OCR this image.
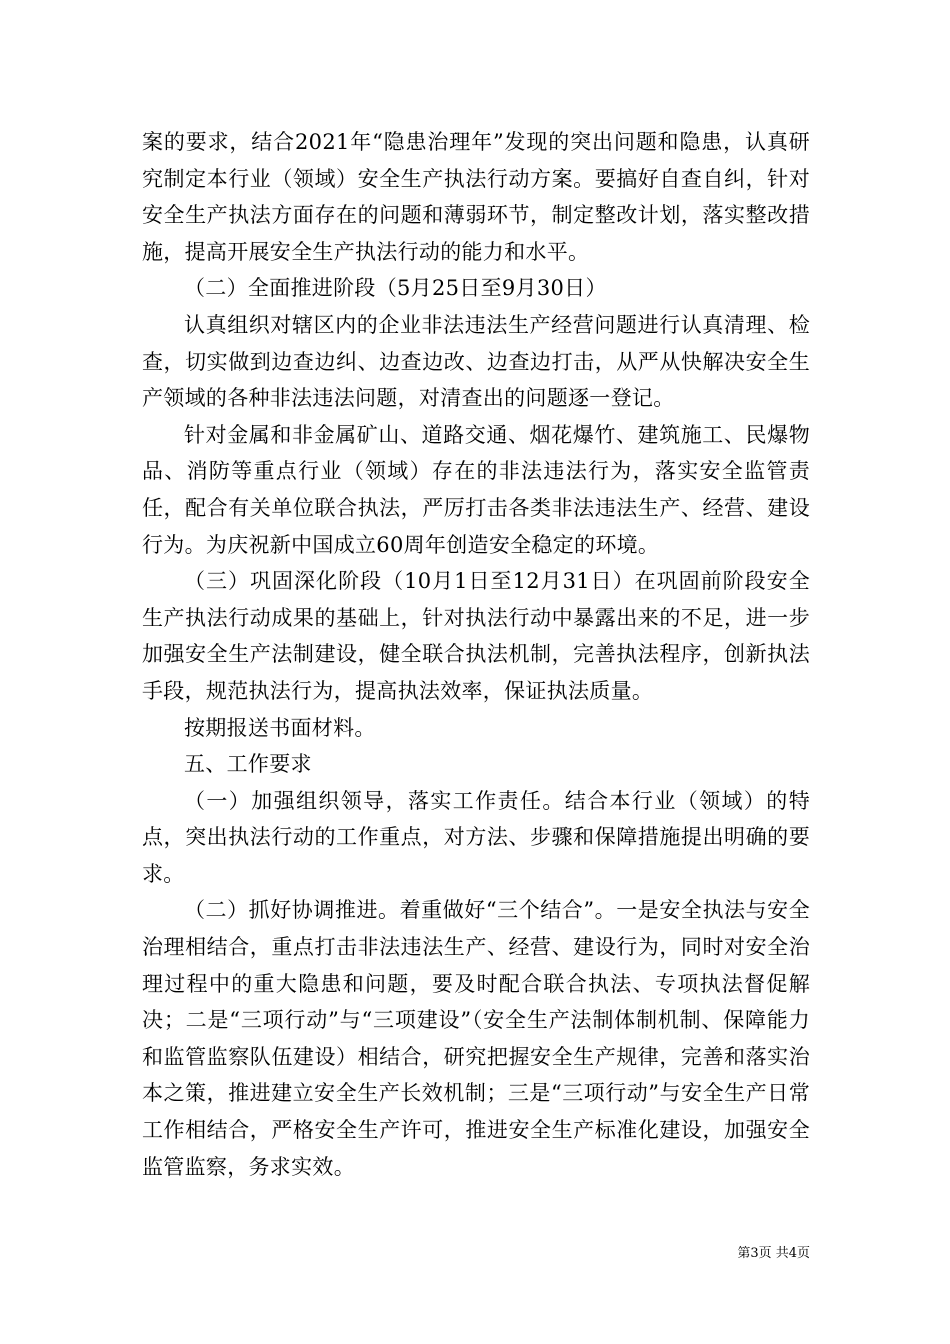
案的要求，结合2021年“隐患治理年”发现的突出问题和隐患，认真研究制定本行业（领域）安全生产执法行动方案。要搞好自查自纠，针对安全生产执法方面存在的问题和薄弱环节，制定整改计划，落实整改措施，提高开展安全生产执法行动的能力和水平。

（二）全面推进阶段（5月25日至9月30日）

认真组织对辖区内的企业非法违法生产经营问题进行认真清理、检查，切实做到边查边纠、边查边改、边查边打击，从严从快解决安全生产领域的各种非法违法问题，对清查出的问题逐一登记。

针对金属和非金属矿山、道路交通、烟花爆竹、建筑施工、民爆物品、消防等重点行业（领域）存在的非法违法行为，落实安全监管责任，配合有关单位联合执法，严厉打击各类非法违法生产、经营、建设行为。为庆祝新中国成立60周年创造安全稳定的环境。

（三）巩固深化阶段（10月1日至12月31日）在巩固前阶段安全生产执法行动成果的基础上，针对执法行动中暴露出来的不足，进一步加强安全生产法制建设，健全联合执法机制，完善执法程序，创新执法手段，规范执法行为，提高执法效率，保证执法质量。

按期报送书面材料。

五、工作要求

（一）加强组织领导，落实工作责任。结合本行业（领域）的特点，突出执法行动的工作重点，对方法、步骤和保障措施提出明确的要求。

（二）抓好协调推进。着重做好“三个结合”。一是安全执法与安全治理相结合，重点打击非法违法生产、经营、建设行为，同时对安全治理过程中的重大隐患和问题，要及时配合联合执法、专项执法督促解决；二是“三项行动”与“三项建设”（安全生产法制体制机制、保障能力和监管监察队伍建设）相结合，研究把握安全生产规律，完善和落实治本之策，推进建立安全生产长效机制；三是“三项行动”与安全生产日常工作相结合，严格安全生产许可，推进安全生产标准化建设，加强安全监管监察，务求实效。

第3页 共4页
